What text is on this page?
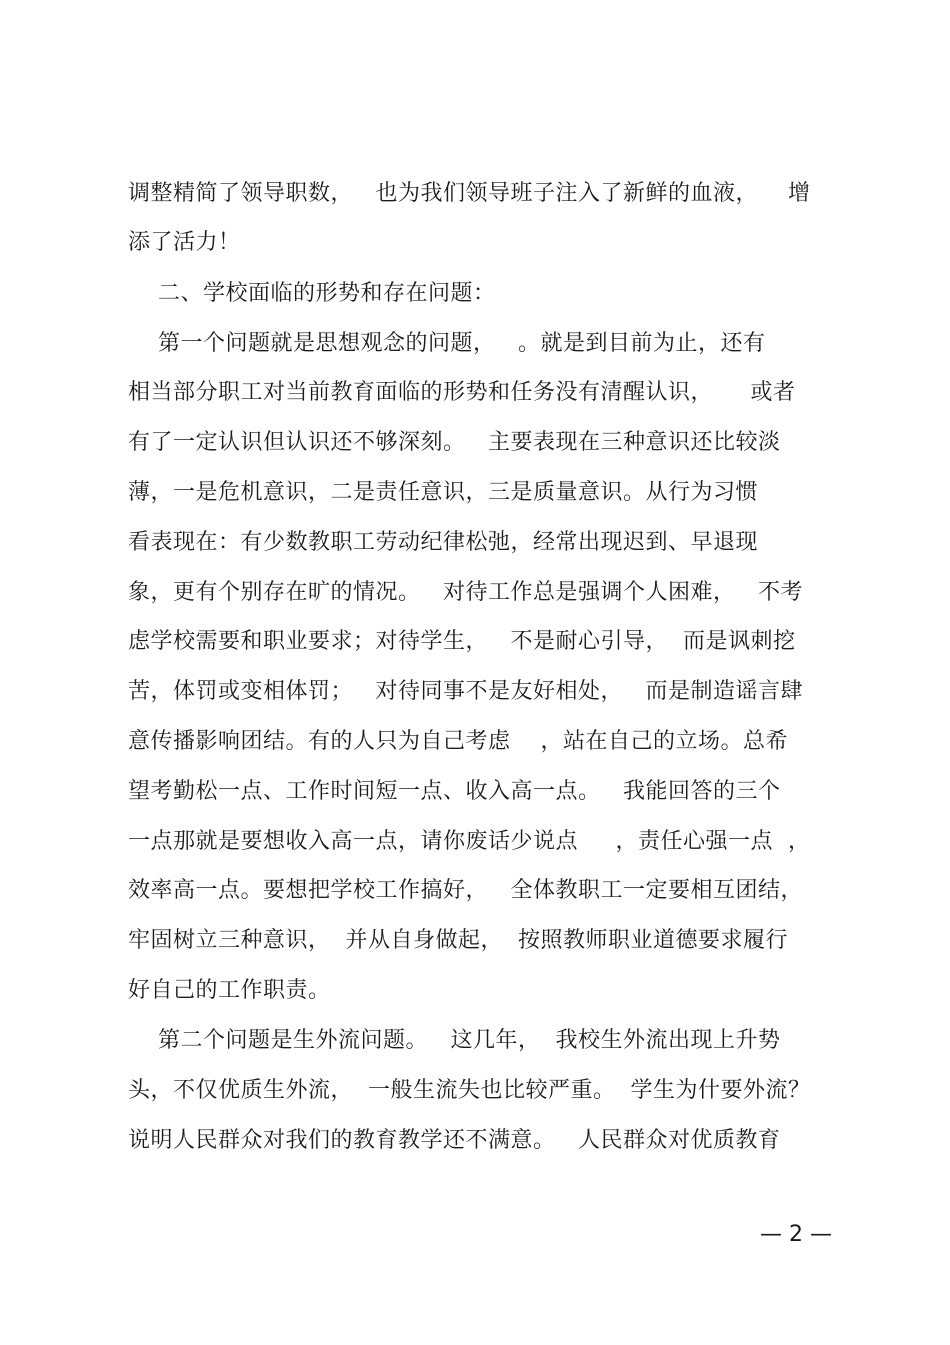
调整精简了领导职数，   也为我们领导班子注入了新鲜的血液，    增
添了活力！
二、学校面临的形势和存在问题：
第一个问题就是思想观念的问题，   。就是到目前为止，还有
相当部分职工对当前教育面临的形势和任务没有清醒认识，     或者
有了一定认识但认识还不够深刻。   主要表现在三种意识还比较淡
薄，一是危机意识，二是责任意识，三是质量意识。从行为习惯
看表现在：有少数教职工劳动纪律松弛，经常出现迟到、早退现
象，更有个别存在旷的情况。   对待工作总是强调个人困难，   不考
虑学校需要和职业要求；对待学生，   不是耐心引导，  而是讽刺挖
苦，体罚或变相体罚；   对待同事不是友好相处，   而是制造谣言肆
意传播影响团结。有的人只为自己考虑    ，站在自己的立场。总希
望考勤松一点、工作时间短一点、收入高一点。   我能回答的三个
一点那就是要想收入高一点，请你废话少说点     ，责任心强一点  ，
效率高一点。要想把学校工作搞好，   全体教职工一定要相互团结，
牢固树立三种意识，  并从自身做起，  按照教师职业道德要求履行
好自己的工作职责。
第二个问题是生外流问题。   这几年，  我校生外流出现上升势
头，不仅优质生外流，  一般生流失也比较严重。  学生为什要外流？
说明人民群众对我们的教育教学还不满意。   人民群众对优质教育
— 2 —
